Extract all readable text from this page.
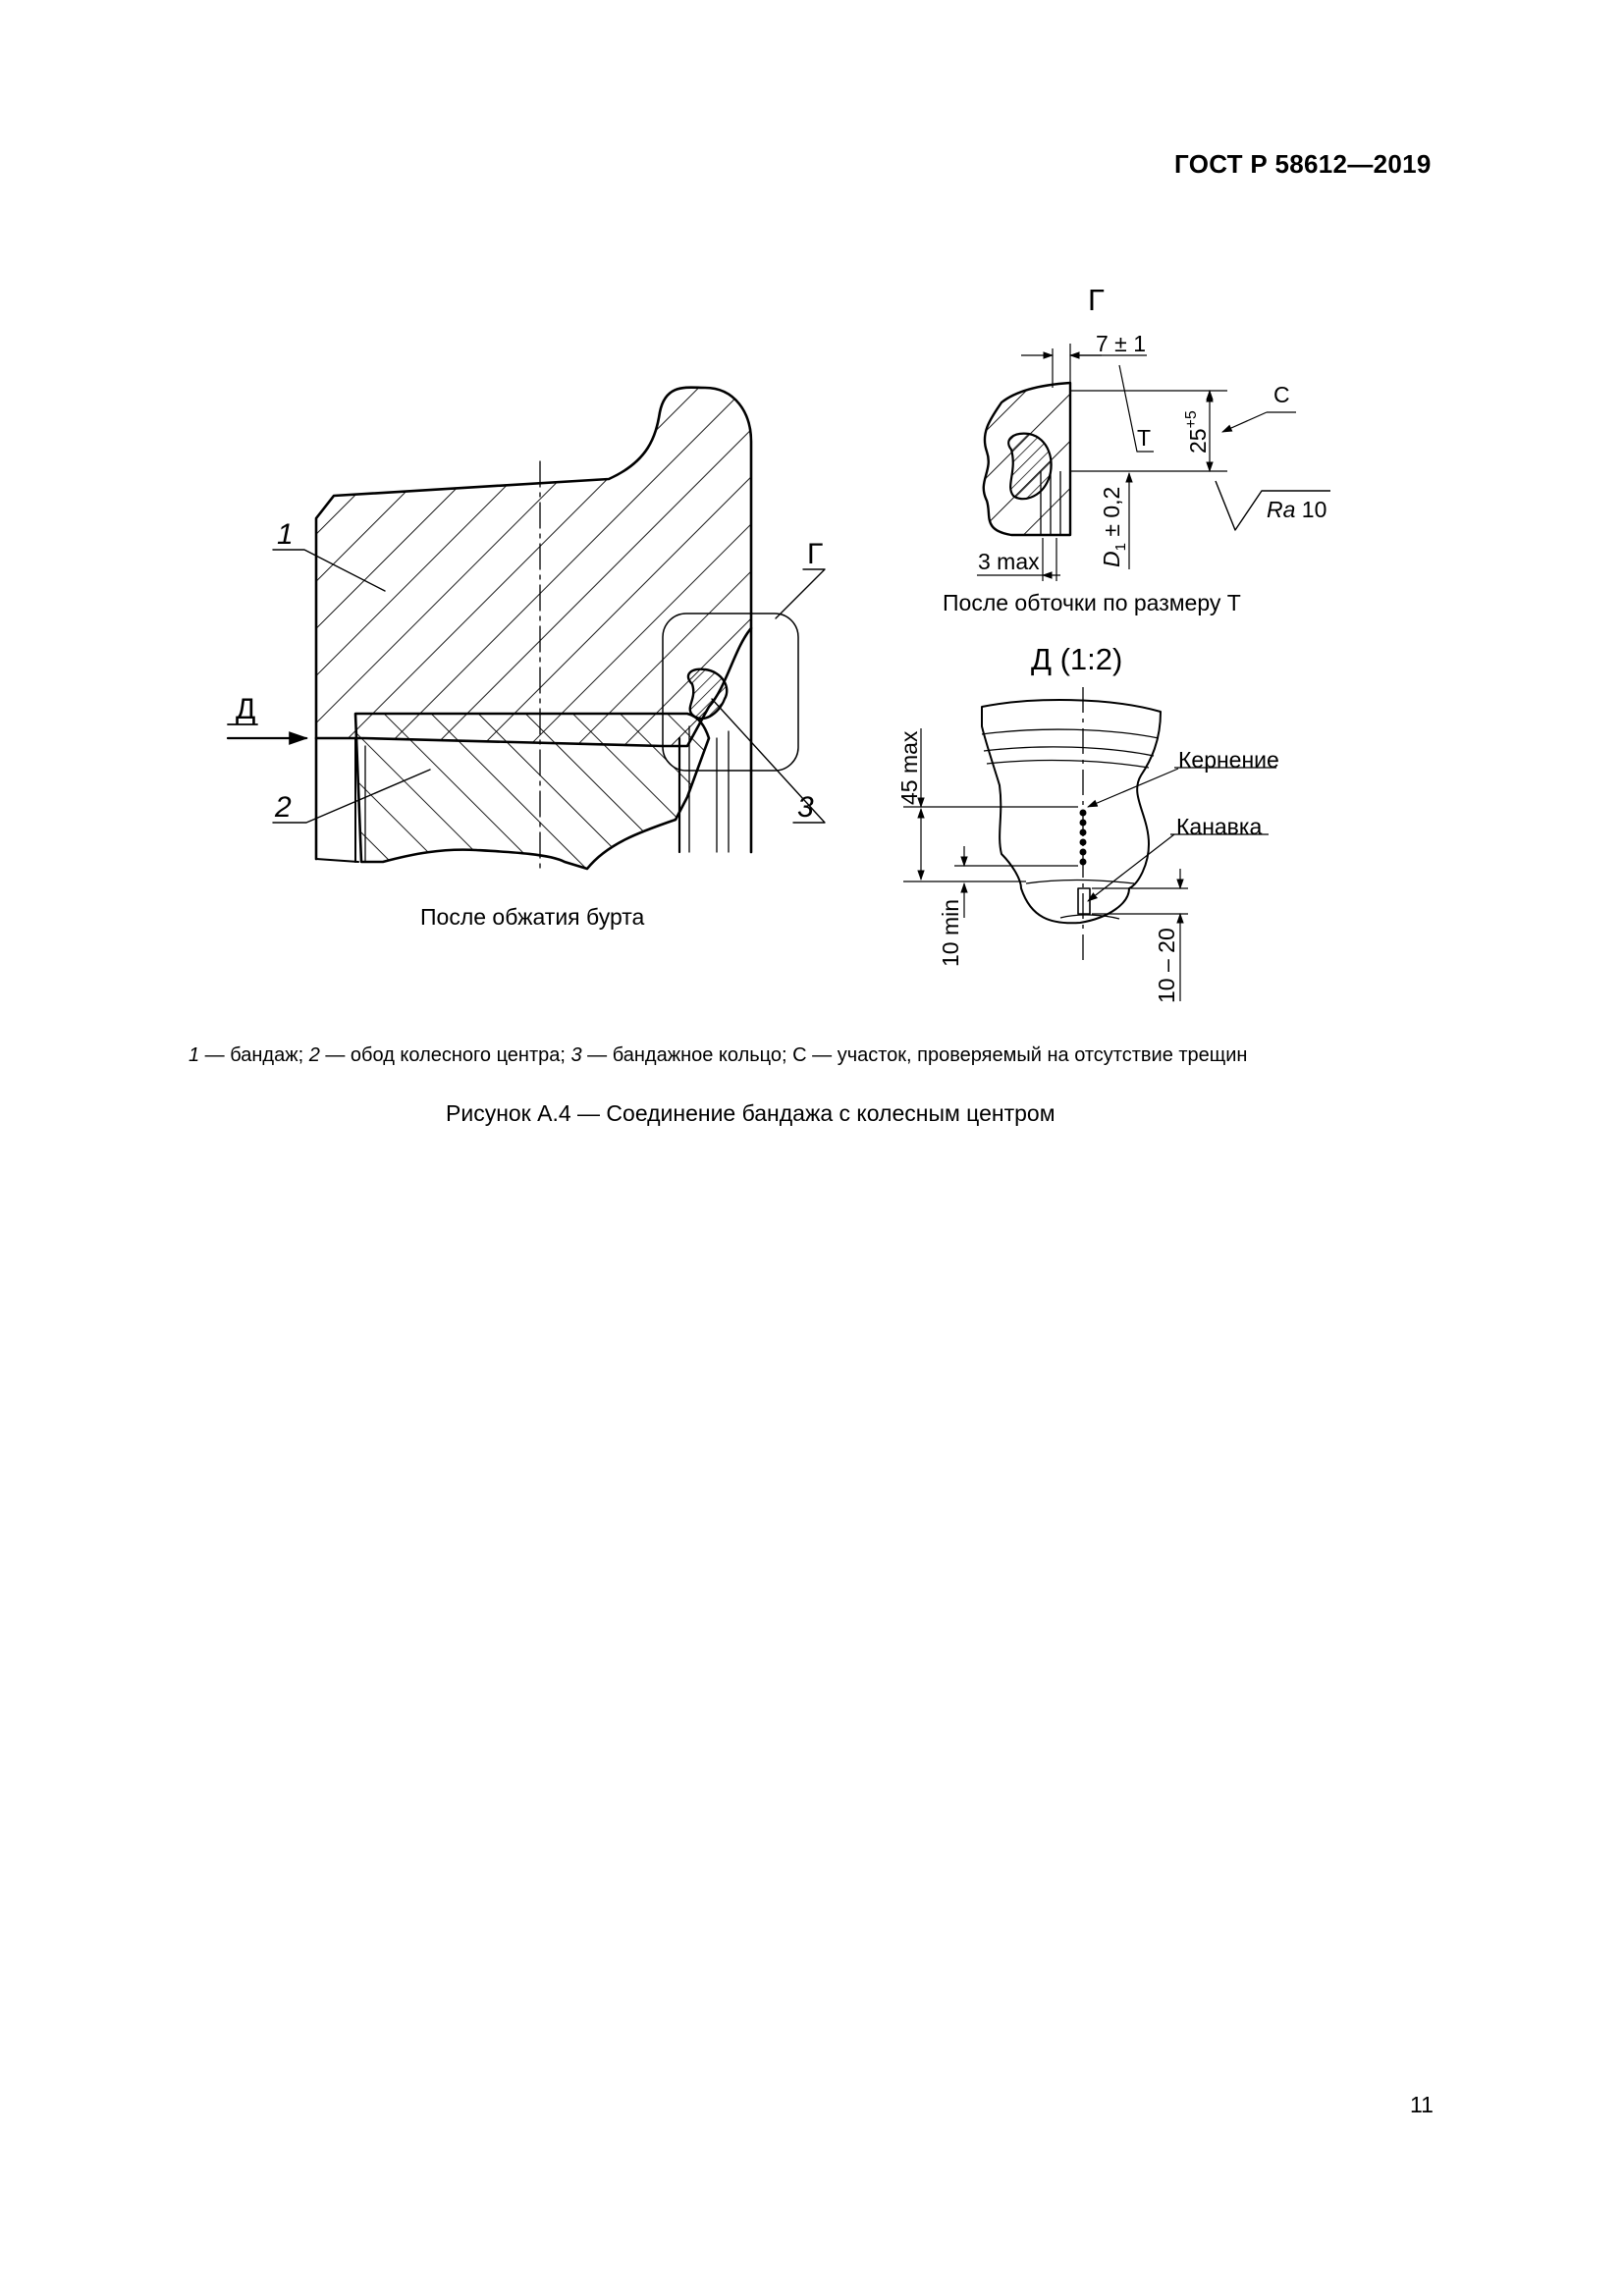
ГОСТ Р 58612—2019
1
2	3
Г
Д
После обжатия бурта
Г
7 ± 1
Т $25^{+5}$
С
Ra 10
$D_1 \pm 0,2$
3 max
После обточки по размеру Т
Д (1:2)
Кернение
Канавка
45 max
10 min	10 – 20
1 — бандаж; 2 — обод колесного центра; 3 — бандажное кольцо; С — участок, проверяемый на отсутствие трещин
Рисунок А.4 — Соединение бандажа с колесным центром
11
